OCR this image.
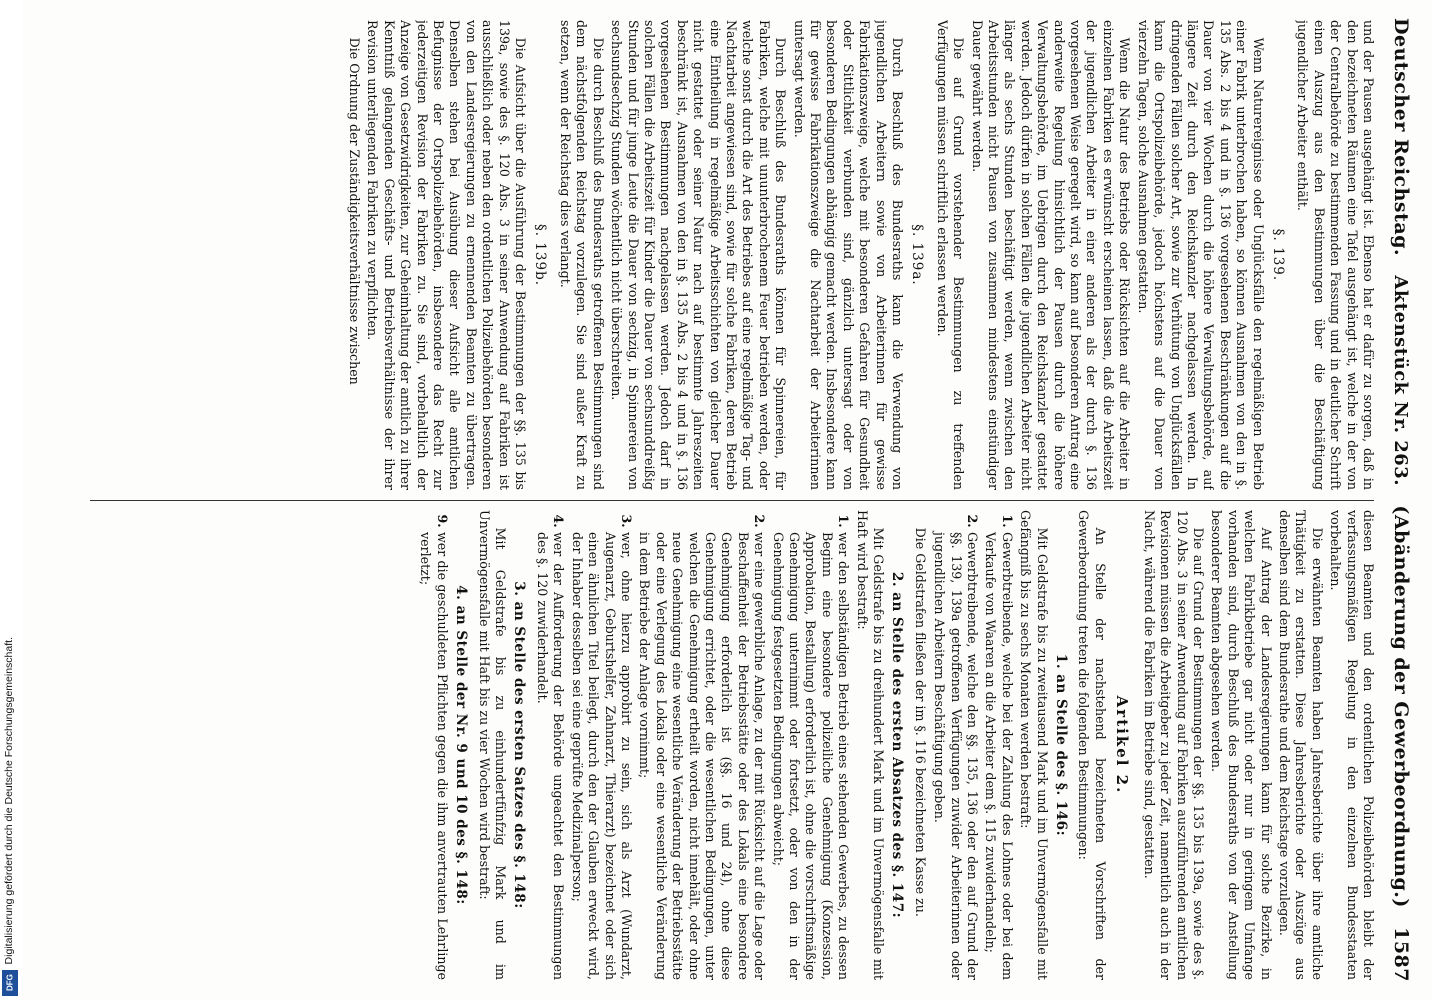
Deutscher Reichstag.
Aktenstück Nr. 263.
(Abänderung der Gewerbeordnung.)
1587

und der Pausen ausgehängt ist. Ebenso hat er dafür zu sorgen, daß in den bezeichneten Räumen eine Tafel ausgehängt ist, welche in der von der Centralbehörde zu bestimmenden Fassung und in deutlicher Schrift einen Auszug aus den Bestimmungen über die Beschäftigung jugendlicher Arbeiter enthält.

§. 139.

Wenn Naturereignisse oder Unglücksfälle den regelmäßigen Betrieb einer Fabrik unterbrochen haben, so können Ausnahmen von den in §. 135 Abs. 2 bis 4 und in §. 136 vorgesehenen Beschränkungen auf die Dauer von vier Wochen durch die höhere Verwaltungsbehörde, auf längere Zeit durch den Reichskanzler nachgelassen werden. In dringenden Fällen solcher Art, sowie zur Verhütung von Unglücksfällen kann die Ortspolizeibehörde, jedoch höchstens auf die Dauer von vierzehn Tagen, solche Ausnahmen gestatten.

Wenn die Natur des Betriebs oder Rücksichten auf die Arbeiter in einzelnen Fabriken es erwünscht erscheinen lassen, daß die Arbeitszeit der jugendlichen Arbeiter in einer anderen als der durch §. 136 vorgesehenen Weise geregelt wird, so kann auf besonderen Antrag eine anderweite Regelung hinsichtlich der Pausen durch die höhere Verwaltungsbehörde, im Uebrigen durch den Reichskanzler gestattet werden. Jedoch dürfen in solchen Fällen die jugendlichen Arbeiter nicht länger als sechs Stunden beschäftigt werden, wenn zwischen den Arbeitsstunden nicht Pausen von zusammen mindestens einstündiger Dauer gewährt werden.

Die auf Grund vorstehender Bestimmungen zu treffenden Verfügungen müssen schriftlich erlassen werden.

§. 139a.

Durch Beschluß des Bundesraths kann die Verwendung von jugendlichen Arbeitern sowie von Arbeiterinnen für gewisse Fabrikationszweige, welche mit besonderen Gefahren für Gesundheit oder Sittlichkeit verbunden sind, gänzlich untersagt oder von besonderen Bedingungen abhängig gemacht werden. Insbesondere kann für gewisse Fabrikationszweige die Nachtarbeit der Arbeiterinnen untersagt werden.

Durch Beschluß des Bundesraths können für Spinnereien, für Fabriken, welche mit ununterbrochenem Feuer betrieben werden, oder welche sonst durch die Art des Betriebes auf eine regelmäßige Tag- und Nachtarbeit angewiesen sind, sowie für solche Fabriken, deren Betrieb eine Eintheilung in regelmäßige Arbeitsschichten von gleicher Dauer nicht gestattet oder seiner Natur nach auf bestimmte Jahreszeiten beschränkt ist, Ausnahmen von den in §. 135 Abs. 2 bis 4 und in §. 136 vorgesehenen Bestimmungen nachgelassen werden. Jedoch darf in solchen Fällen die Arbeitszeit für Kinder die Dauer von sechsunddreißig Stunden und für junge Leute die Dauer von sechzig, in Spinnereien von sechsundsechzig Stunden wöchentlich nicht überschreiten.

Die durch Beschluß des Bundesraths getroffenen Bestimmungen sind dem nächstfolgenden Reichstag vorzulegen. Sie sind außer Kraft zu setzen, wenn der Reichstag dies verlangt.

§. 139b.

Die Aufsicht über die Ausführung der Bestimmungen der §§. 135 bis 139a, sowie des §. 120 Abs. 3 in seiner Anwendung auf Fabriken ist ausschließlich oder neben den ordentlichen Polizeibehörden besonderen von den Landesregierungen zu ernennenden Beamten zu übertragen. Denselben stehen bei Ausübung dieser Aufsicht alle amtlichen Befugnisse der Ortspolizeibehörden, insbesondere das Recht zur jederzeitigen Revision der Fabriken zu. Sie sind, vorbehaltlich der Anzeige von Gesetzwidrigkeiten, zur Geheimhaltung der amtlich zu ihrer Kenntniß gelangenden Geschäfts- und Betriebsverhältnisse der ihrer Revision unterliegenden Fabriken zu verpflichten.

Die Ordnung der Zuständigkeitsverhältnisse zwischen

diesen Beamten und den ordentlichen Polizeibehörden bleibt der verfassungsmäßigen Regelung in den einzelnen Bundesstaaten vorbehalten.

Die erwähnten Beamten haben Jahresberichte über ihre amtliche Thätigkeit zu erstatten. Diese Jahresberichte oder Auszüge aus denselben sind dem Bundesrathe und dem Reichstage vorzulegen.

Auf Antrag der Landesregierungen kann für solche Bezirke, in welchen Fabrikbetriebe gar nicht oder nur in geringem Umfange vorhanden sind, durch Beschluß des Bundesraths von der Anstellung besonderer Beamten abgesehen werden.

Die auf Grund der Bestimmungen der §§. 135 bis 139a, sowie des §. 120 Abs. 3 in seiner Anwendung auf Fabriken auszuführenden amtlichen Revisionen müssen die Arbeitgeber zu jeder Zeit, namentlich auch in der Nacht, während die Fabriken im Betriebe sind, gestatten.

Artikel 2.

An Stelle der nachstehend bezeichneten Vorschriften der Gewerbeordnung treten die folgenden Bestimmungen:

1. an Stelle des §. 146:

Mit Geldstrafe bis zu zweitausend Mark und im Unvermögensfalle mit Gefängniß bis zu sechs Monaten werden bestraft:

1. Gewerbtreibende, welche bei der Zahlung des Lohnes oder bei dem Verkaufe von Waaren an die Arbeiter dem §. 115 zuwiderhandeln;
2. Gewerbtreibende, welche den §§. 135, 136 oder den auf Grund der §§. 139, 139a getroffenen Verfügungen zuwider Arbeiterinnen oder jugendlichen Arbeitern Beschäftigung geben.

Die Geldstrafen fließen der im §. 116 bezeichneten Kasse zu.

2. an Stelle des ersten Absatzes des §. 147:

Mit Geldstrafe bis zu dreihundert Mark und im Unvermögensfalle mit Haft wird bestraft:

1. wer den selbständigen Betrieb eines stehenden Gewerbes, zu dessen Beginn eine besondere polizeiliche Genehmigung (Konzession, Approbation, Bestallung) erforderlich ist, ohne die vorschriftsmäßige Genehmigung unternimmt oder fortsetzt, oder von den in der Genehmigung festgesetzten Bedingungen abweicht;
2. wer eine gewerbliche Anlage, zu der mit Rücksicht auf die Lage oder Beschaffenheit der Betriebsstätte oder des Lokals eine besondere Genehmigung erforderlich ist (§§. 16 und 24), ohne diese Genehmigung errichtet, oder die wesentlichen Bedingungen, unter welchen die Genehmigung ertheilt worden, nicht innehält, oder ohne neue Genehmigung eine wesentliche Veränderung der Betriebsstätte oder eine Verlegung des Lokals oder eine wesentliche Veränderung in dem Betriebe der Anlage vornimmt;
3. wer, ohne hierzu approbirt zu sein, sich als Arzt (Wundarzt, Augenarzt, Geburtshelfer, Zahnarzt, Thierarzt) bezeichnet oder sich einen ähnlichen Titel beilegt, durch den der Glauben erweckt wird, der Inhaber desselben sei eine geprüfte Medizinalperson;
4. wer der Aufforderung der Behörde ungeachtet den Bestimmungen des §. 120 zuwiderhandelt.
3. an Stelle des ersten Satzes des §. 148:

Mit Geldstrafe bis zu einhundertfünfzig Mark und im Unvermögensfalle mit Haft bis zu vier Wochen wird bestraft:

4. an Stelle der Nr. 9 und 10 des §. 148:
9. wer die geschuldeten Pflichten gegen die ihm anvertrauten Lehrlinge verletzt;
Digitalisierung gefördert durch die Deutsche Forschungsgemeinschaft.
DFG
